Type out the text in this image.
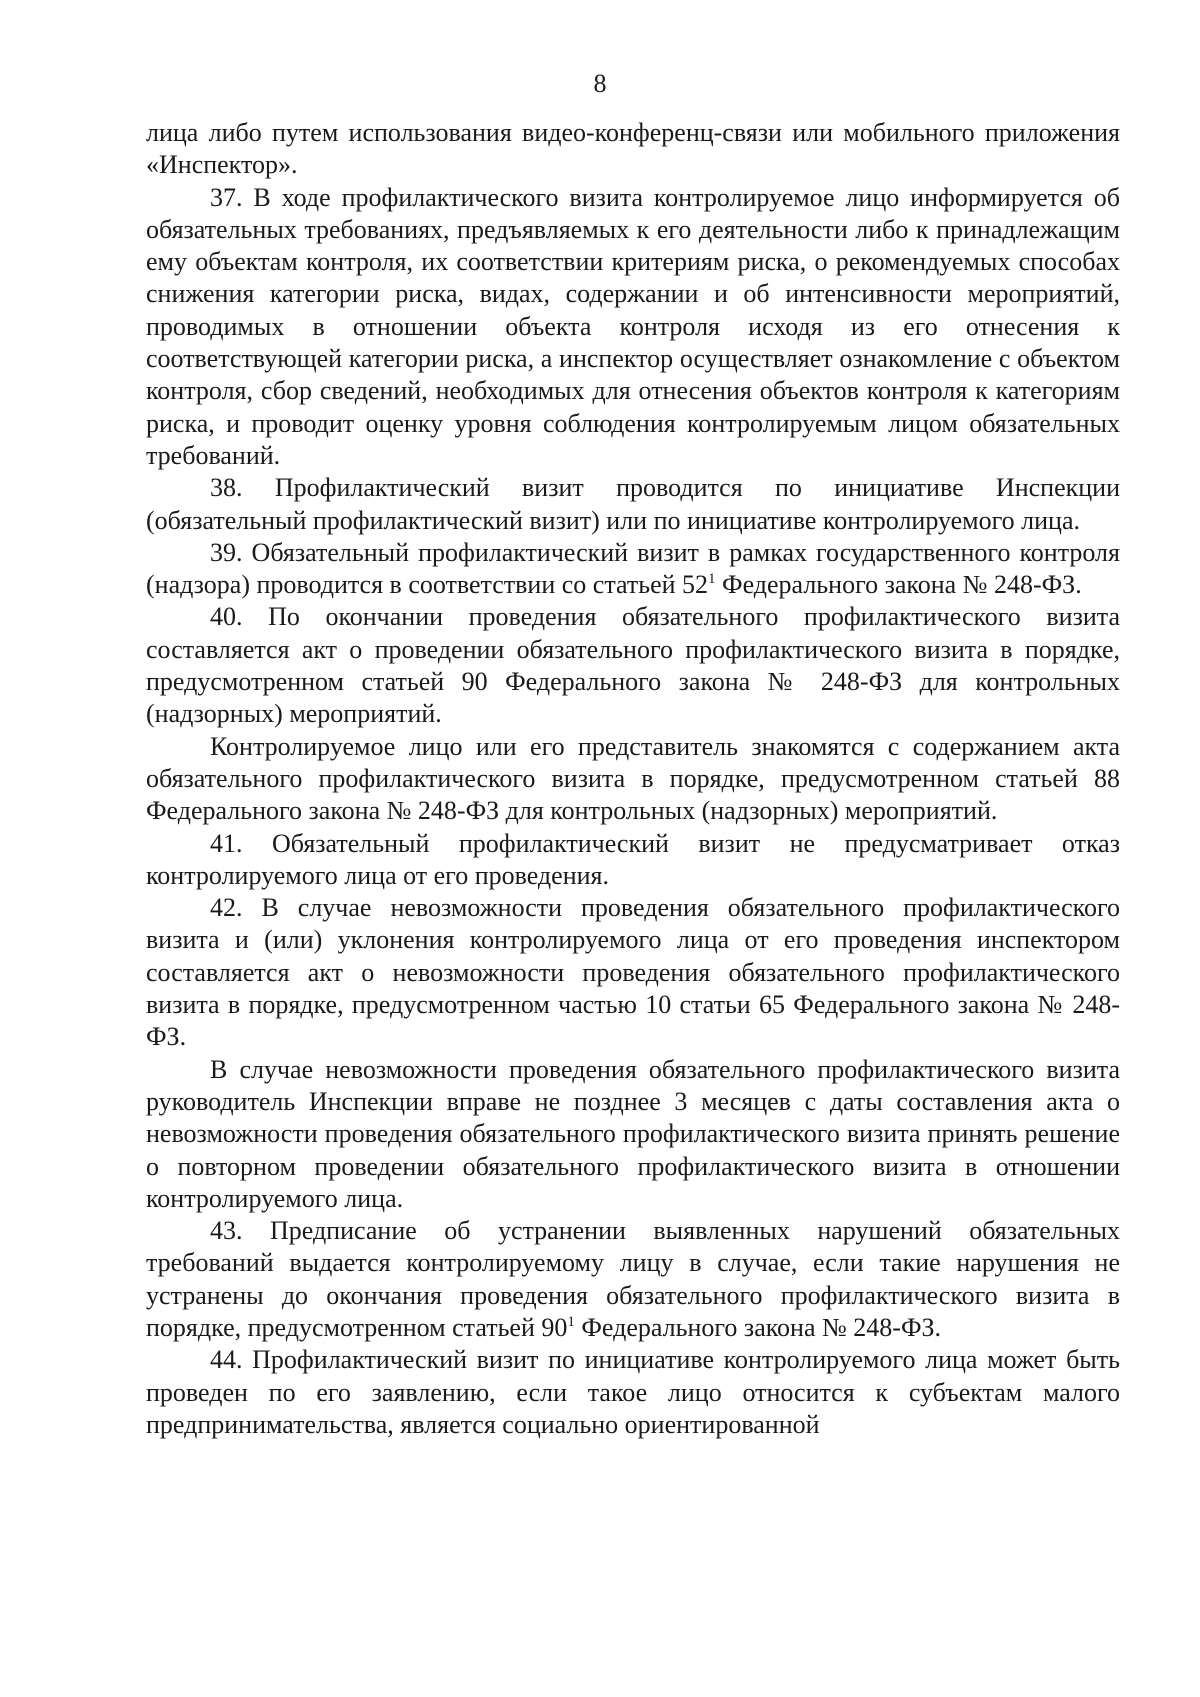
8

лица либо путем использования видео-конференц-связи или мобильного приложения «Инспектор».

37. В ходе профилактического визита контролируемое лицо информируется об обязательных требованиях, предъявляемых к его деятельности либо к принадлежащим ему объектам контроля, их соответствии критериям риска, о рекомендуемых способах снижения категории риска, видах, содержании и об интенсивности мероприятий, проводимых в отношении объекта контроля исходя из его отнесения к соответствующей категории риска, а инспектор осуществляет ознакомление с объектом контроля, сбор сведений, необходимых для отнесения объектов контроля к категориям риска, и проводит оценку уровня соблюдения контролируемым лицом обязательных требований.

38. Профилактический визит проводится по инициативе Инспекции (обязательный профилактический визит) или по инициативе контролируемого лица.

39. Обязательный профилактический визит в рамках государственного контроля (надзора) проводится в соответствии со статьей $52^1$ Федерального закона № 248-ФЗ.

40. По окончании проведения обязательного профилактического визита составляется акт о проведении обязательного профилактического визита в порядке, предусмотренном статьей 90 Федерального закона № 248-ФЗ для контрольных (надзорных) мероприятий.

Контролируемое лицо или его представитель знакомятся с содержанием акта обязательного профилактического визита в порядке, предусмотренном статьей 88 Федерального закона № 248-ФЗ для контрольных (надзорных) мероприятий.

41. Обязательный профилактический визит не предусматривает отказ контролируемого лица от его проведения.

42. В случае невозможности проведения обязательного профилактического визита и (или) уклонения контролируемого лица от его проведения инспектором составляется акт о невозможности проведения обязательного профилактического визита в порядке, предусмотренном частью 10 статьи 65 Федерального закона № 248-ФЗ.

В случае невозможности проведения обязательного профилактического визита руководитель Инспекции вправе не позднее 3 месяцев с даты составления акта о невозможности проведения обязательного профилактического визита принять решение о повторном проведении обязательного профилактического визита в отношении контролируемого лица.

43. Предписание об устранении выявленных нарушений обязательных требований выдается контролируемому лицу в случае, если такие нарушения не устранены до окончания проведения обязательного профилактического визита в порядке, предусмотренном статьей $90^1$ Федерального закона № 248-ФЗ.

44. Профилактический визит по инициативе контролируемого лица может быть проведен по его заявлению, если такое лицо относится к субъектам малого предпринимательства, является социально ориентированной
